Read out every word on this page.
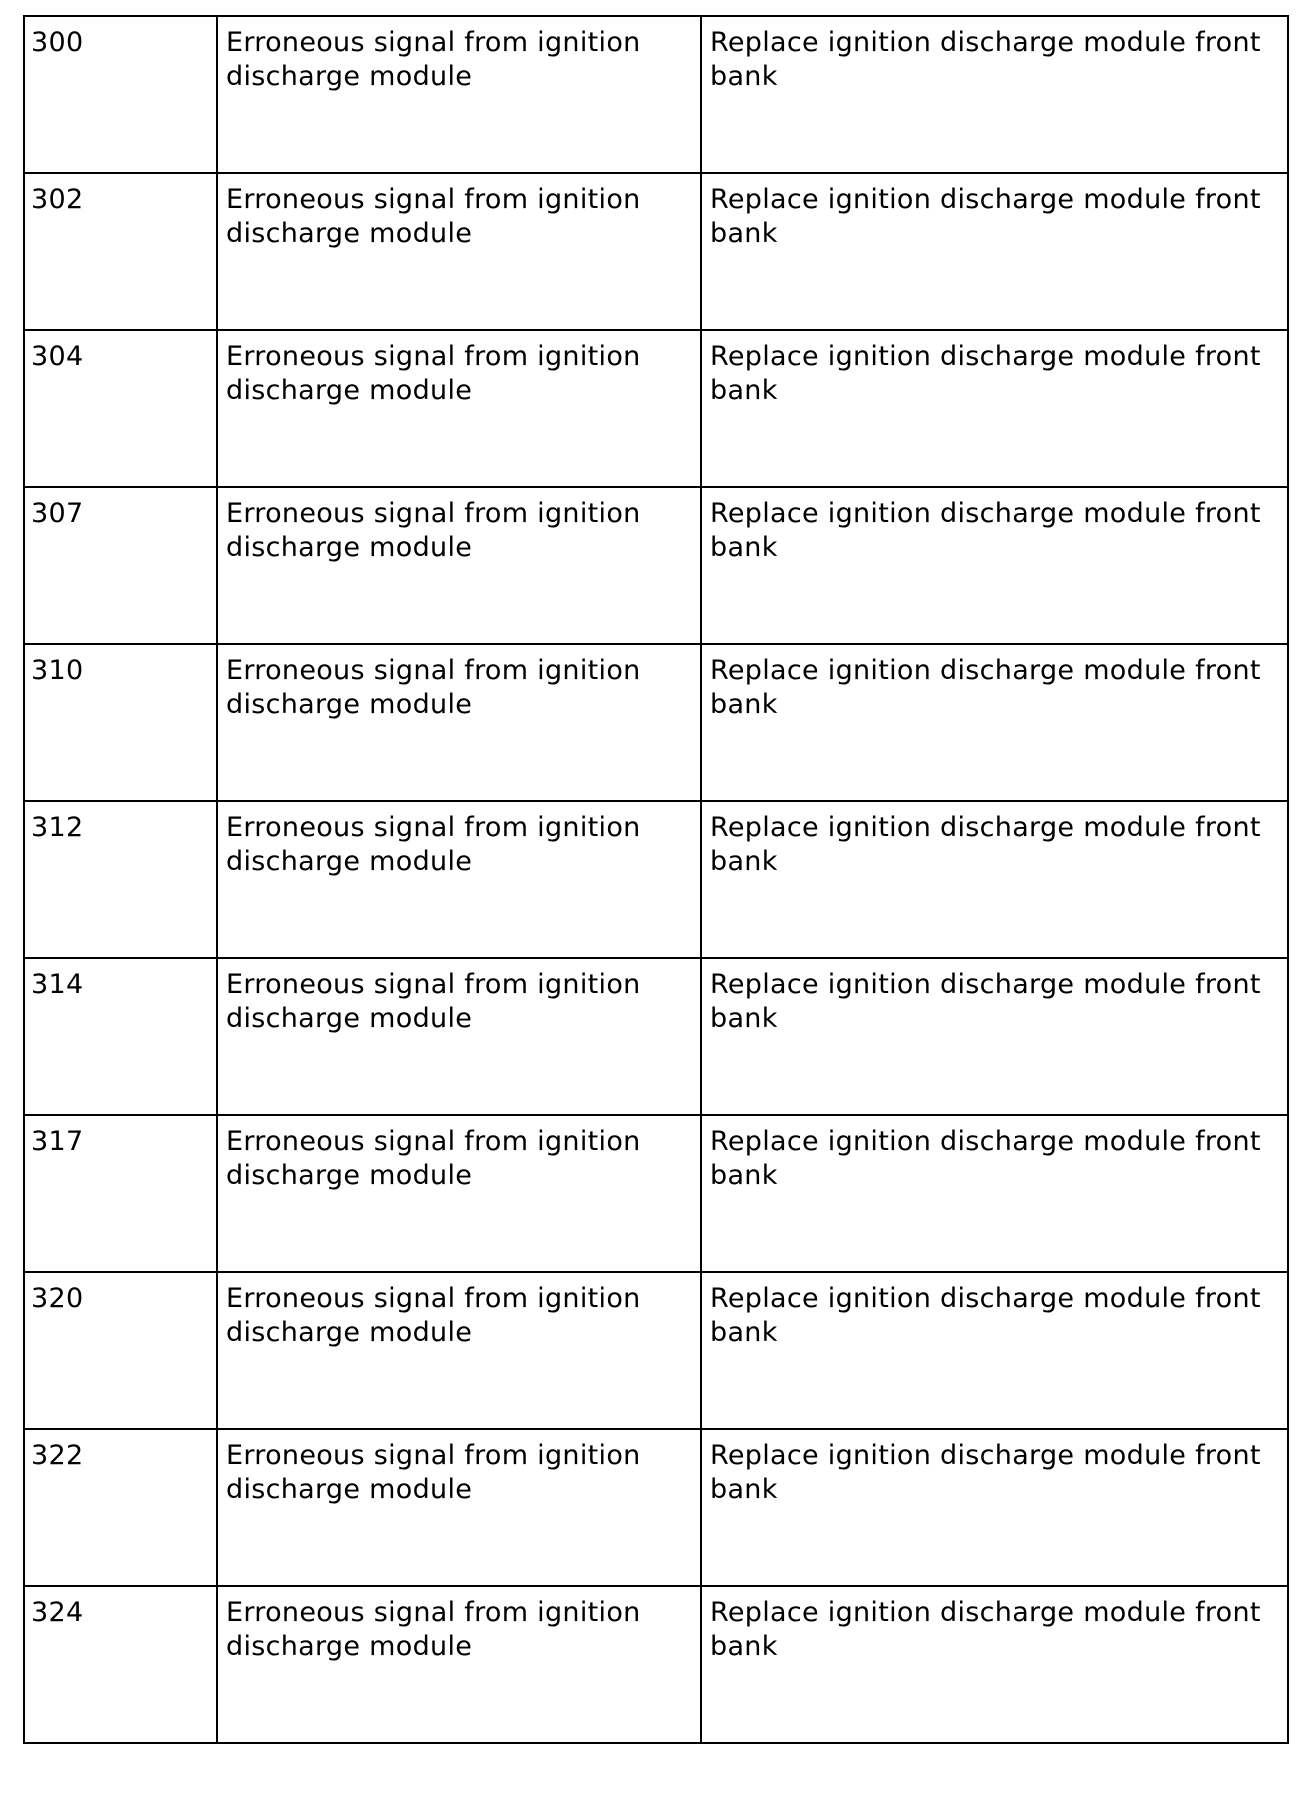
300	Erroneous signal from ignition discharge module	Replace ignition discharge module front bank
302	Erroneous signal from ignition discharge module	Replace ignition discharge module front bank
304	Erroneous signal from ignition discharge module	Replace ignition discharge module front bank
307	Erroneous signal from ignition discharge module	Replace ignition discharge module front bank
310	Erroneous signal from ignition discharge module	Replace ignition discharge module front bank
312	Erroneous signal from ignition discharge module	Replace ignition discharge module front bank
314	Erroneous signal from ignition discharge module	Replace ignition discharge module front bank
317	Erroneous signal from ignition discharge module	Replace ignition discharge module front bank
320	Erroneous signal from ignition discharge module	Replace ignition discharge module front bank
322	Erroneous signal from ignition discharge module	Replace ignition discharge module front bank
324	Erroneous signal from ignition discharge module	Replace ignition discharge module front bank
